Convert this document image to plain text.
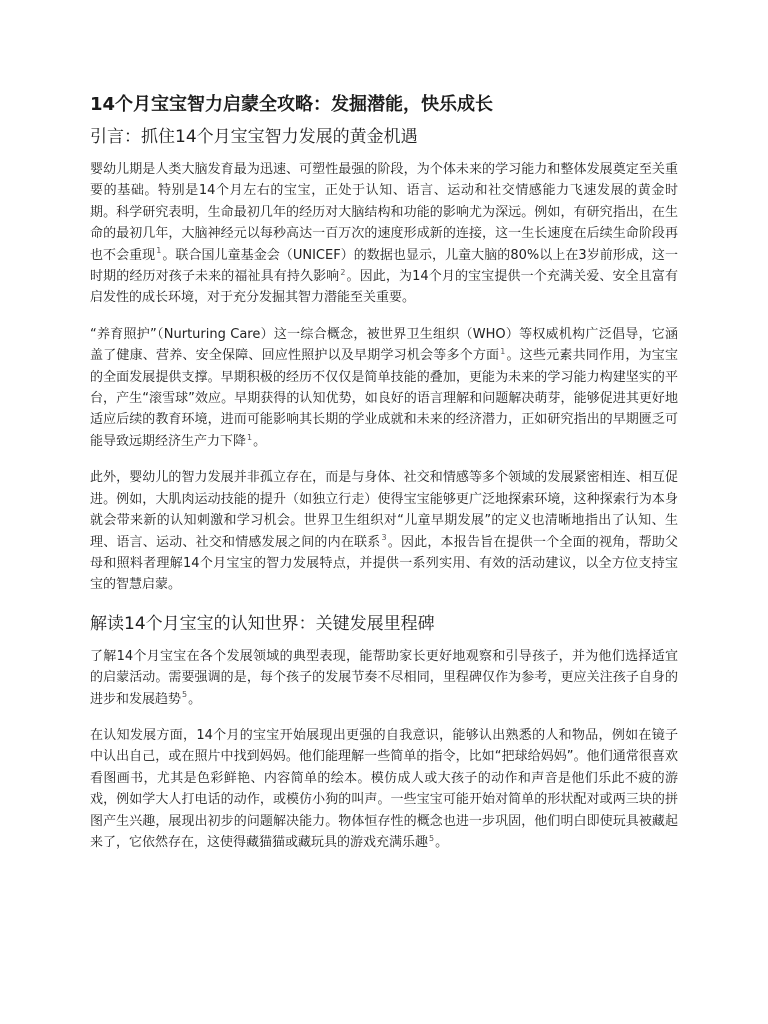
14个月宝宝智力启蒙全攻略：发掘潜能，快乐成长
引言：抓住14个月宝宝智力发展的黄金机遇

婴幼儿期是人类大脑发育最为迅速、可塑性最强的阶段，为个体未来的学习能力和整体发展奠定至关重要的基础。特别是14个月左右的宝宝，正处于认知、语言、运动和社交情感能力飞速发展的黄金时期。科学研究表明，生命最初几年的经历对大脑结构和功能的影响尤为深远。例如，有研究指出，在生命的最初几年，大脑神经元以每秒高达一百万次的速度形成新的连接，这一生长速度在后续生命阶段再也不会重现$^1$。联合国儿童基金会（UNICEF）的数据也显示，儿童大脑的80%以上在3岁前形成，这一时期的经历对孩子未来的福祉具有持久影响$^2$。因此，为14个月的宝宝提供一个充满关爱、安全且富有启发性的成长环境，对于充分发掘其智力潜能至关重要。

“养育照护”（Nurturing Care）这一综合概念，被世界卫生组织（WHO）等权威机构广泛倡导，它涵盖了健康、营养、安全保障、回应性照护以及早期学习机会等多个方面$^1$。这些元素共同作用，为宝宝的全面发展提供支撑。早期积极的经历不仅仅是简单技能的叠加，更能为未来的学习能力构建坚实的平台，产生“滚雪球”效应。早期获得的认知优势，如良好的语言理解和问题解决萌芽，能够促进其更好地适应后续的教育环境，进而可能影响其长期的学业成就和未来的经济潜力，正如研究指出的早期匮乏可能导致远期经济生产力下降$^1$。

此外，婴幼儿的智力发展并非孤立存在，而是与身体、社交和情感等多个领域的发展紧密相连、相互促进。例如，大肌肉运动技能的提升（如独立行走）使得宝宝能够更广泛地探索环境，这种探索行为本身就会带来新的认知刺激和学习机会。世界卫生组织对“儿童早期发展”的定义也清晰地指出了认知、生理、语言、运动、社交和情感发展之间的内在联系$^3$。因此，本报告旨在提供一个全面的视角，帮助父母和照料者理解14个月宝宝的智力发展特点，并提供一系列实用、有效的活动建议，以全方位支持宝宝的智慧启蒙。

解读14个月宝宝的认知世界：关键发展里程碑

了解14个月宝宝在各个发展领域的典型表现，能帮助家长更好地观察和引导孩子，并为他们选择适宜的启蒙活动。需要强调的是，每个孩子的发展节奏不尽相同，里程碑仅作为参考，更应关注孩子自身的进步和发展趋势$^5$。

在认知发展方面，14个月的宝宝开始展现出更强的自我意识，能够认出熟悉的人和物品，例如在镜子中认出自己，或在照片中找到妈妈。他们能理解一些简单的指令，比如“把球给妈妈”。他们通常很喜欢看图画书，尤其是色彩鲜艳、内容简单的绘本。模仿成人或大孩子的动作和声音是他们乐此不疲的游戏，例如学大人打电话的动作，或模仿小狗的叫声。一些宝宝可能开始对简单的形状配对或两三块的拼图产生兴趣，展现出初步的问题解决能力。物体恒存性的概念也进一步巩固，他们明白即使玩具被藏起来了，它依然存在，这使得藏猫猫或藏玩具的游戏充满乐趣$^5$。
